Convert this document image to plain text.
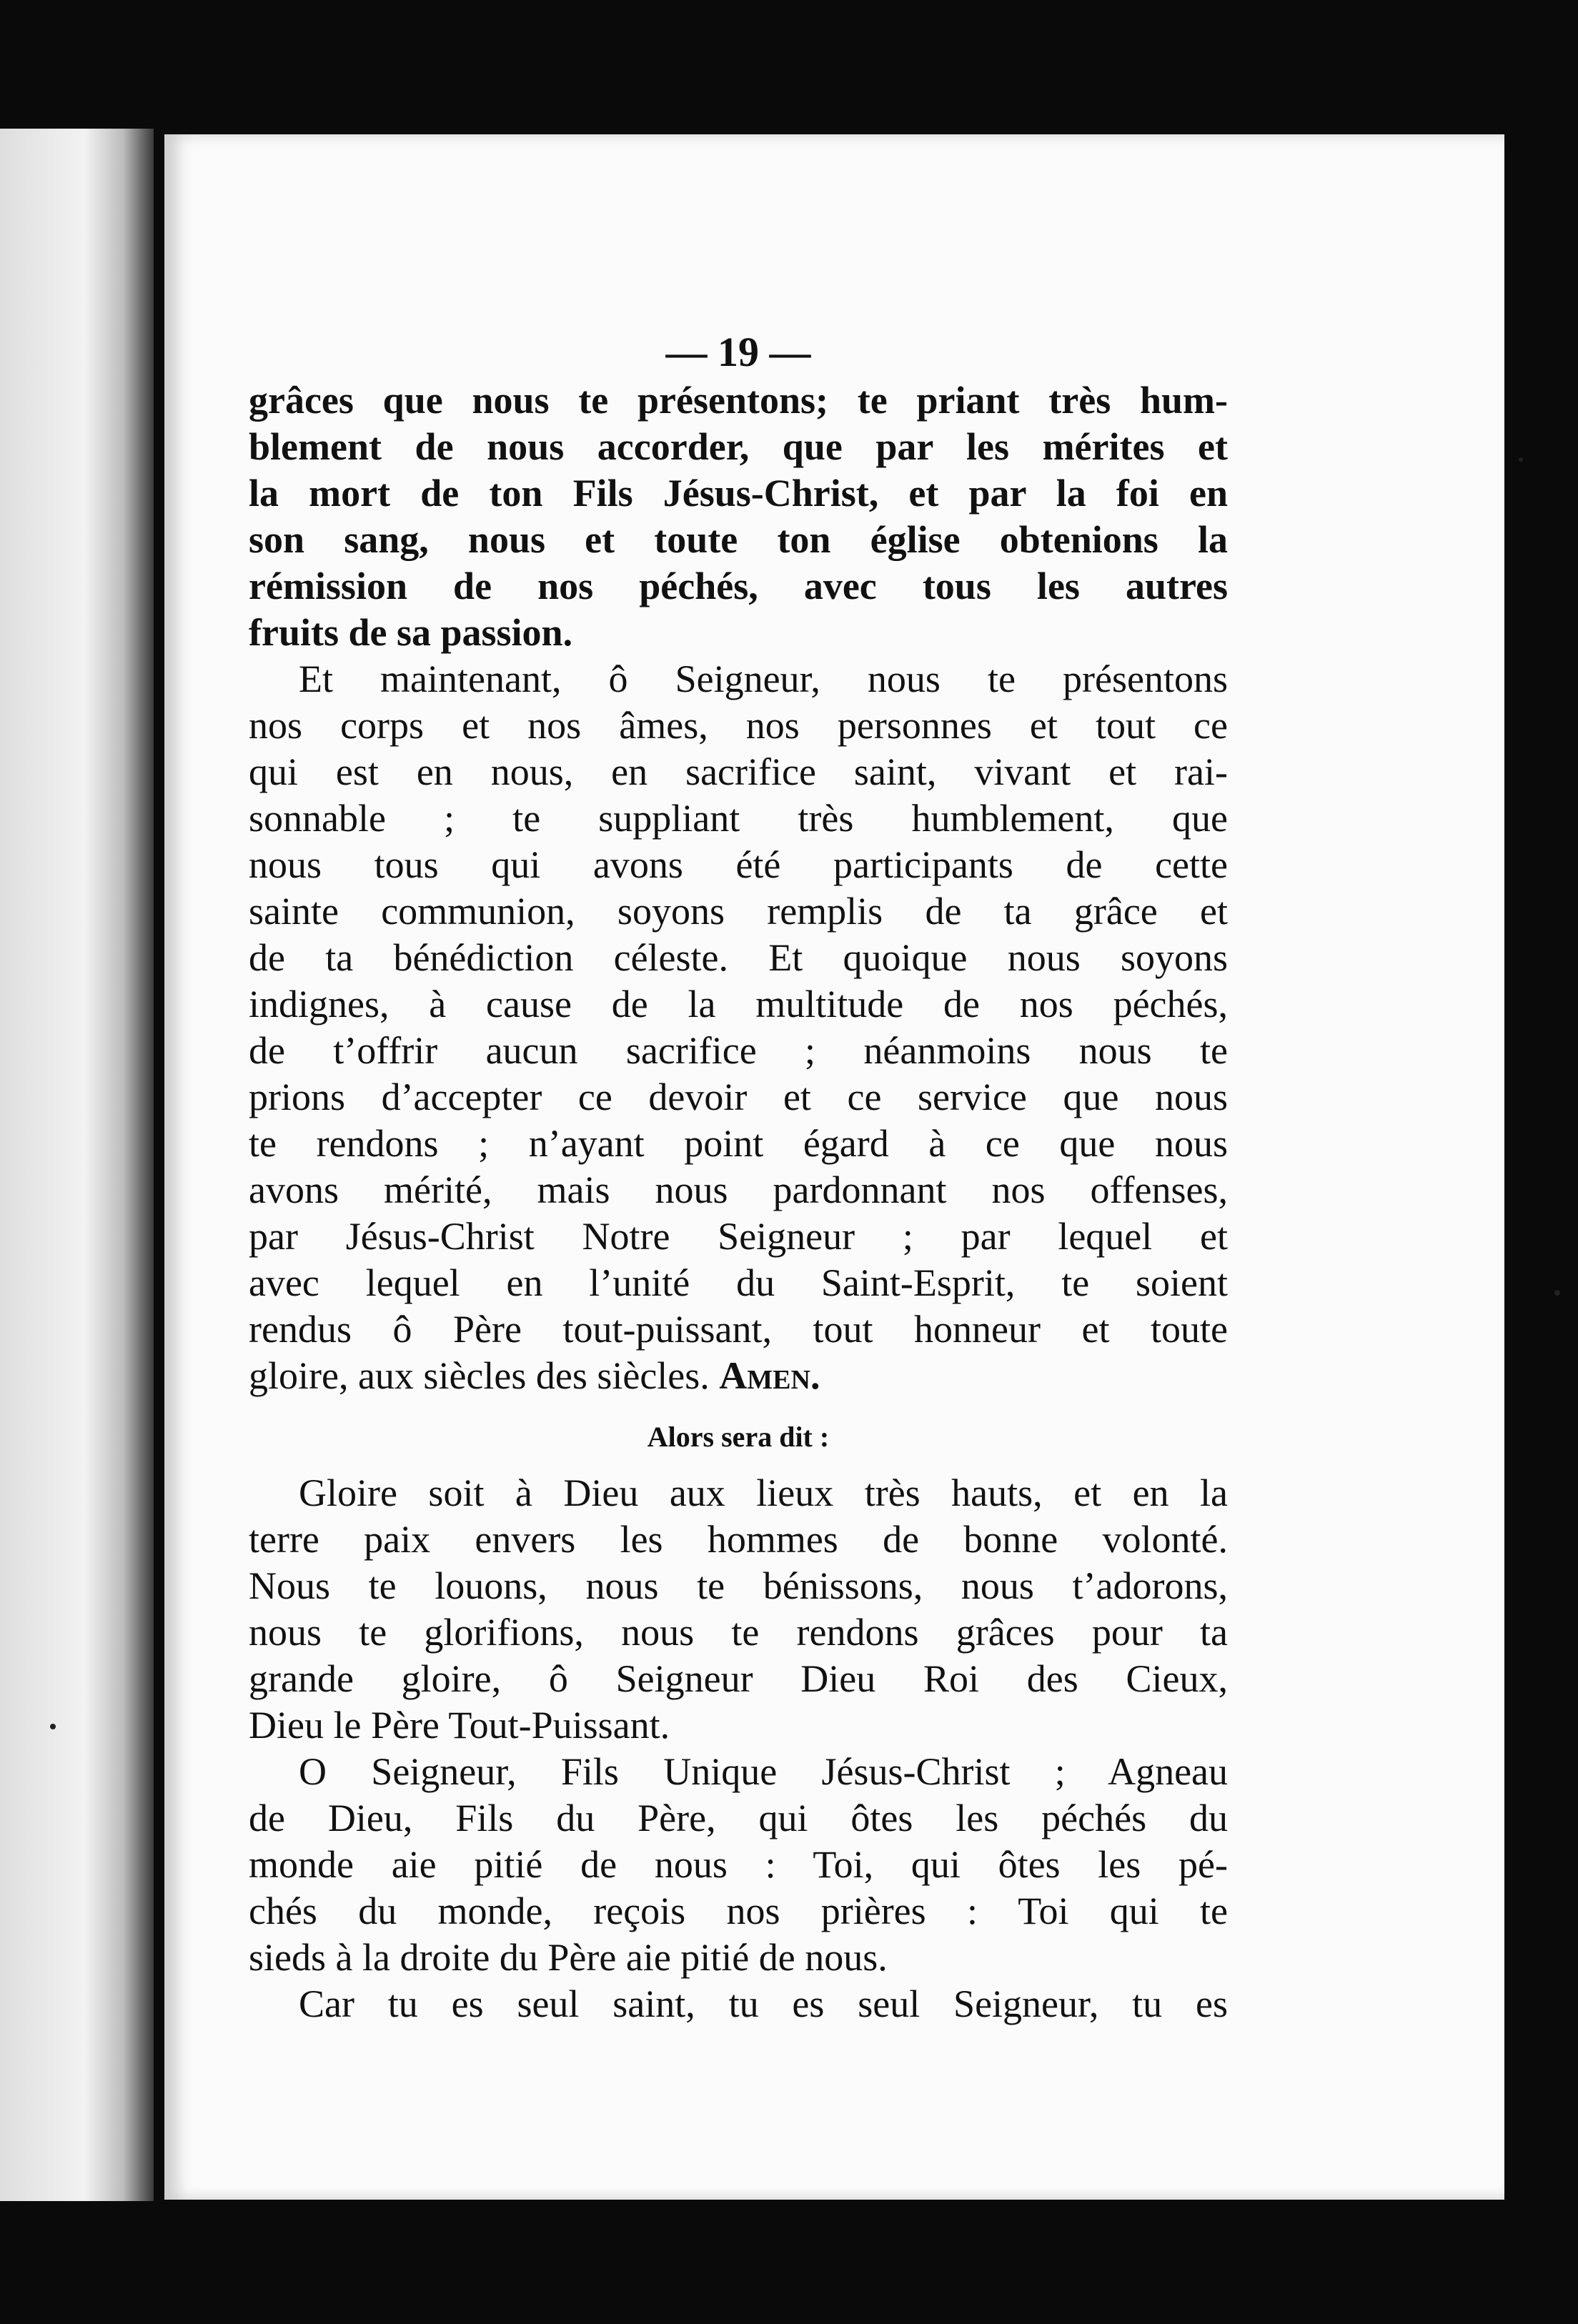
— 19 —
grâces que nous te présentons; te priant très hum-
blement de nous accorder, que par les mérites et
la mort de ton Fils Jésus-Christ, et par la foi en
son sang, nous et toute ton église obtenions la
rémission de nos péchés, avec tous les autres
fruits de sa passion.
Et maintenant, ô Seigneur, nous te présentons
nos corps et nos âmes, nos personnes et tout ce
qui est en nous, en sacrifice saint, vivant et rai-
sonnable ; te suppliant très humblement, que
nous tous qui avons été participants de cette
sainte communion, soyons remplis de ta grâce et
de ta bénédiction céleste. Et quoique nous soyons
indignes, à cause de la multitude de nos péchés,
de t’offrir aucun sacrifice ; néanmoins nous te
prions d’accepter ce devoir et ce service que nous
te rendons ; n’ayant point égard à ce que nous
avons mérité, mais nous pardonnant nos offenses,
par Jésus-Christ Notre Seigneur ; par lequel et
avec lequel en l’unité du Saint-Esprit, te soient
rendus ô Père tout-puissant, tout honneur et toute
gloire, aux siècles des siècles. Amen.
Alors sera dit :
Gloire soit à Dieu aux lieux très hauts, et en la
terre paix envers les hommes de bonne volonté.
Nous te louons, nous te bénissons, nous t’adorons,
nous te glorifions, nous te rendons grâces pour ta
grande gloire, ô Seigneur Dieu Roi des Cieux,
Dieu le Père Tout-Puissant.
O Seigneur, Fils Unique Jésus-Christ ; Agneau
de Dieu, Fils du Père, qui ôtes les péchés du
monde aie pitié de nous : Toi, qui ôtes les pé-
chés du monde, reçois nos prières : Toi qui te
sieds à la droite du Père aie pitié de nous.
Car tu es seul saint, tu es seul Seigneur, tu es
